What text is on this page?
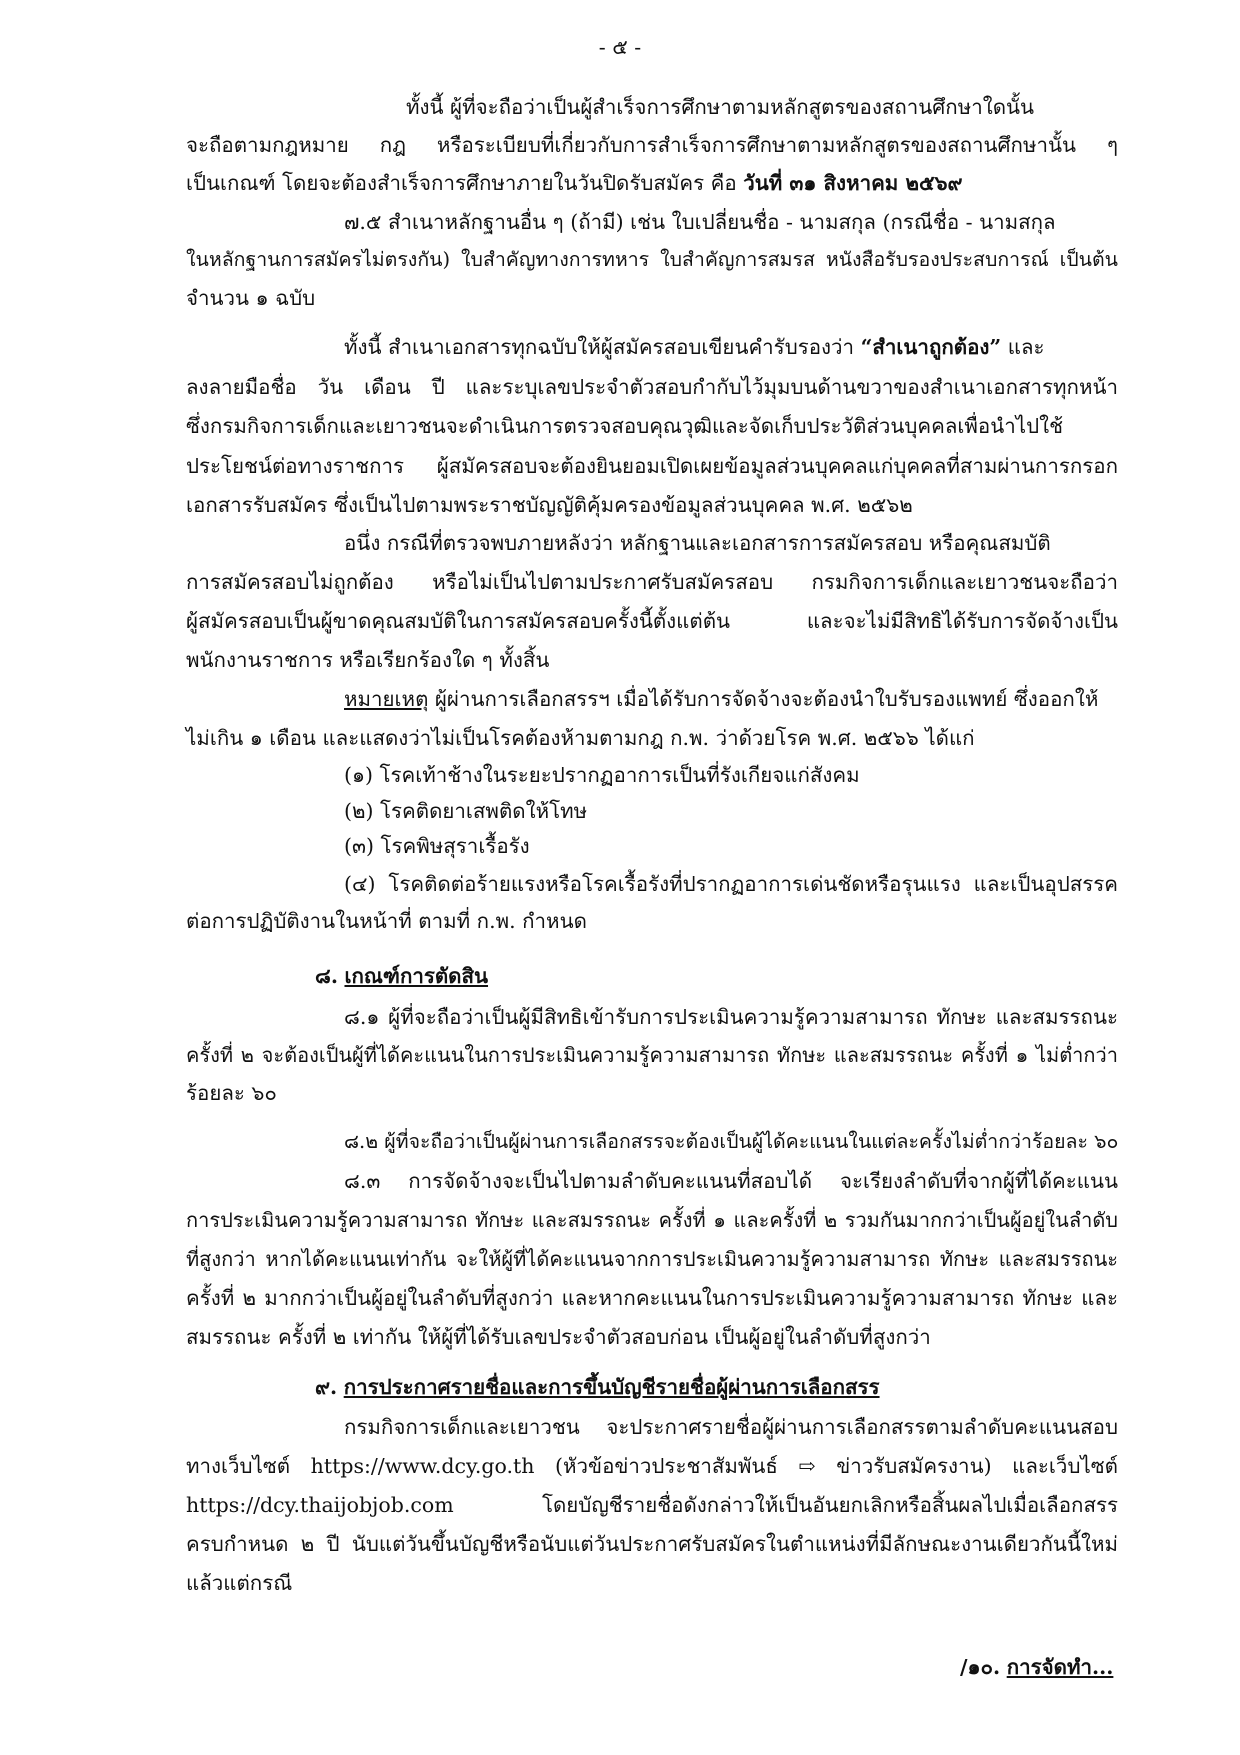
- ๕ -
ทั้งนี้ ผู้ที่จะถือว่าเป็นผู้สำเร็จการศึกษาตามหลักสูตรของสถานศึกษาใดนั้น
จะถือตามกฎหมาย กฎ หรือระเบียบที่เกี่ยวกับการสำเร็จการศึกษาตามหลักสูตรของสถานศึกษานั้น ๆ
เป็นเกณฑ์ โดยจะต้องสำเร็จการศึกษาภายในวันปิดรับสมัคร คือ วันที่ ๓๑ สิงหาคม ๒๕๖๙
๗.๕ สำเนาหลักฐานอื่น ๆ (ถ้ามี) เช่น ใบเปลี่ยนชื่อ - นามสกุล (กรณีชื่อ - นามสกุล
ในหลักฐานการสมัครไม่ตรงกัน) ใบสำคัญทางการทหาร ใบสำคัญการสมรส หนังสือรับรองประสบการณ์ เป็นต้น
จำนวน ๑ ฉบับ
ทั้งนี้ สำเนาเอกสารทุกฉบับให้ผู้สมัครสอบเขียนคำรับรองว่า “สำเนาถูกต้อง” และ
ลงลายมือชื่อ วัน เดือน ปี และระบุเลขประจำตัวสอบกำกับไว้มุมบนด้านขวาของสำเนาเอกสารทุกหน้า
ซึ่งกรมกิจการเด็กและเยาวชนจะดำเนินการตรวจสอบคุณวุฒิและจัดเก็บประวัติส่วนบุคคลเพื่อนำไปใช้
ประโยชน์ต่อทางราชการ ผู้สมัครสอบจะต้องยินยอมเปิดเผยข้อมูลส่วนบุคคลแก่บุคคลที่สามผ่านการกรอก
เอกสารรับสมัคร ซึ่งเป็นไปตามพระราชบัญญัติคุ้มครองข้อมูลส่วนบุคคล พ.ศ. ๒๕๖๒
อนึ่ง กรณีที่ตรวจพบภายหลังว่า หลักฐานและเอกสารการสมัครสอบ หรือคุณสมบัติ
การสมัครสอบไม่ถูกต้อง หรือไม่เป็นไปตามประกาศรับสมัครสอบ กรมกิจการเด็กและเยาวชนจะถือว่า
ผู้สมัครสอบเป็นผู้ขาดคุณสมบัติในการสมัครสอบครั้งนี้ตั้งแต่ต้น และจะไม่มีสิทธิได้รับการจัดจ้างเป็น
พนักงานราชการ หรือเรียกร้องใด ๆ ทั้งสิ้น
หมายเหตุ ผู้ผ่านการเลือกสรรฯ เมื่อได้รับการจัดจ้างจะต้องนำใบรับรองแพทย์ ซึ่งออกให้
ไม่เกิน ๑ เดือน และแสดงว่าไม่เป็นโรคต้องห้ามตามกฎ ก.พ. ว่าด้วยโรค พ.ศ. ๒๕๖๖ ได้แก่
(๑) โรคเท้าช้างในระยะปรากฏอาการเป็นที่รังเกียจแก่สังคม
(๒) โรคติดยาเสพติดให้โทษ
(๓) โรคพิษสุราเรื้อรัง
(๔) โรคติดต่อร้ายแรงหรือโรคเรื้อรังที่ปรากฏอาการเด่นชัดหรือรุนแรง และเป็นอุปสรรค
ต่อการปฏิบัติงานในหน้าที่ ตามที่ ก.พ. กำหนด
๘. เกณฑ์การตัดสิน
๘.๑ ผู้ที่จะถือว่าเป็นผู้มีสิทธิเข้ารับการประเมินความรู้ความสามารถ ทักษะ และสมรรถนะ
ครั้งที่ ๒ จะต้องเป็นผู้ที่ได้คะแนนในการประเมินความรู้ความสามารถ ทักษะ และสมรรถนะ ครั้งที่ ๑ ไม่ต่ำกว่า
ร้อยละ ๖๐
๘.๒ ผู้ที่จะถือว่าเป็นผู้ผ่านการเลือกสรรจะต้องเป็นผู้ได้คะแนนในแต่ละครั้งไม่ต่ำกว่าร้อยละ ๖๐
๘.๓ การจัดจ้างจะเป็นไปตามลำดับคะแนนที่สอบได้ จะเรียงลำดับที่จากผู้ที่ได้คะแนน
การประเมินความรู้ความสามารถ ทักษะ และสมรรถนะ ครั้งที่ ๑ และครั้งที่ ๒ รวมกันมากกว่าเป็นผู้อยู่ในลำดับ
ที่สูงกว่า หากได้คะแนนเท่ากัน จะให้ผู้ที่ได้คะแนนจากการประเมินความรู้ความสามารถ ทักษะ และสมรรถนะ
ครั้งที่ ๒ มากกว่าเป็นผู้อยู่ในลำดับที่สูงกว่า และหากคะแนนในการประเมินความรู้ความสามารถ ทักษะ และ
สมรรถนะ ครั้งที่ ๒ เท่ากัน ให้ผู้ที่ได้รับเลขประจำตัวสอบก่อน เป็นผู้อยู่ในลำดับที่สูงกว่า
๙. การประกาศรายชื่อและการขึ้นบัญชีรายชื่อผู้ผ่านการเลือกสรร
กรมกิจการเด็กและเยาวชน จะประกาศรายชื่อผู้ผ่านการเลือกสรรตามลำดับคะแนนสอบ
ทางเว็บไซต์ https://www.dcy.go.th (หัวข้อข่าวประชาสัมพันธ์ ⇨ ข่าวรับสมัครงาน) และเว็บไซต์
https://dcy.thaijobjob.com โดยบัญชีรายชื่อดังกล่าวให้เป็นอันยกเลิกหรือสิ้นผลไปเมื่อเลือกสรร
ครบกำหนด ๒ ปี นับแต่วันขึ้นบัญชีหรือนับแต่วันประกาศรับสมัครในตำแหน่งที่มีลักษณะงานเดียวกันนี้ใหม่
แล้วแต่กรณี
/๑๐. การจัดทำ...
